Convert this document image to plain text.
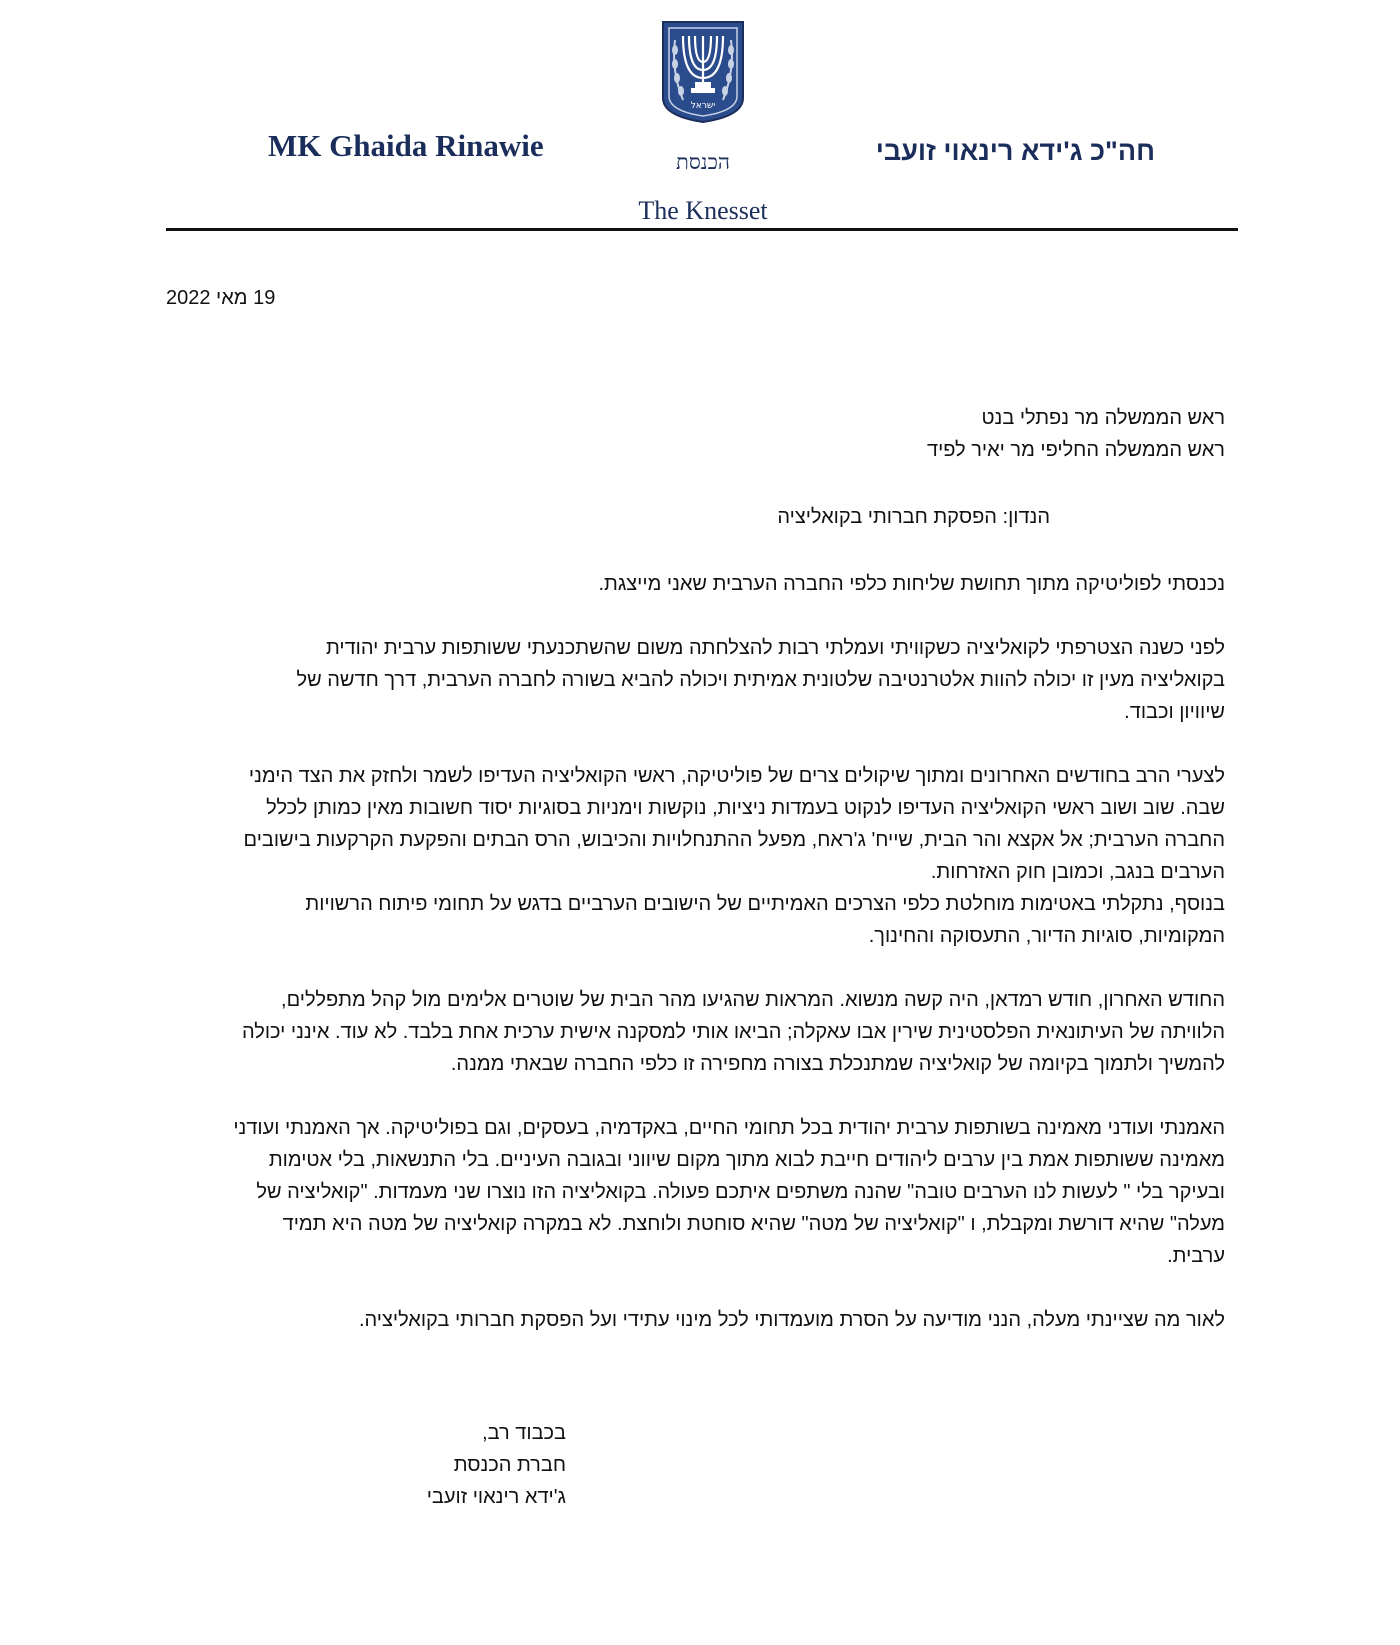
ישראל
MK Ghaida Rinawie	הכנסת
The Knesset
חה"כ ג'ידא רינאוי זועבי
19 מאי 2022
ראש הממשלה מר נפתלי בנט
ראש הממשלה החליפי מר יאיר לפיד
הנדון: הפסקת חברותי בקואליציה

נכנסתי לפוליטיקה מתוך תחושת שליחות כלפי החברה הערבית שאני מייצגת.

לפני כשנה הצטרפתי לקואליציה כשקוויתי ועמלתי רבות להצלחתה משום שהשתכנעתי ששותפות ערבית יהודית
בקואליציה מעין זו יכולה להוות אלטרנטיבה שלטונית אמיתית ויכולה להביא בשורה לחברה הערבית, דרך חדשה של
שיוויון וכבוד.

לצערי הרב בחודשים האחרונים ומתוך שיקולים צרים של פוליטיקה, ראשי הקואליציה העדיפו לשמר ולחזק את הצד הימני
שבה. שוב ושוב ראשי הקואליציה העדיפו לנקוט בעמדות ניציות, נוקשות וימניות בסוגיות יסוד חשובות מאין כמותן לכלל
החברה הערבית; אל אקצא והר הבית, שייח' ג'ראח, מפעל ההתנחלויות והכיבוש, הרס הבתים והפקעת הקרקעות בישובים
הערבים בנגב, וכמובן חוק האזרחות.
בנוסף, נתקלתי באטימות מוחלטת כלפי הצרכים האמיתיים של הישובים הערביים בדגש על תחומי פיתוח הרשויות
המקומיות, סוגיות הדיור, התעסוקה והחינוך.

החודש האחרון, חודש רמדאן, היה קשה מנשוא. המראות שהגיעו מהר הבית של שוטרים אלימים מול קהל מתפללים,
הלוויתה של העיתונאית הפלסטינית שירין אבו עאקלה; הביאו אותי למסקנה אישית ערכית אחת בלבד. לא עוד. אינני יכולה
להמשיך ולתמוך בקיומה של קואליציה שמתנכלת בצורה מחפירה זו כלפי החברה שבאתי ממנה.

האמנתי ועודני מאמינה בשותפות ערבית יהודית בכל תחומי החיים, באקדמיה, בעסקים, וגם בפוליטיקה. אך האמנתי ועודני
מאמינה ששותפות אמת בין ערבים ליהודים חייבת לבוא מתוך מקום שיווני ובגובה העיניים. בלי התנשאות, בלי אטימות
ובעיקר בלי " לעשות לנו הערבים טובה" שהנה משתפים איתכם פעולה. בקואליציה הזו נוצרו שני מעמדות. "קואליציה של
מעלה" שהיא דורשת ומקבלת, ו "קואליציה של מטה" שהיא סוחטת ולוחצת. לא במקרה קואליציה של מטה היא תמיד
ערבית.

לאור מה שציינתי מעלה, הנני מודיעה על הסרת מועמדותי לכל מינוי עתידי ועל הפסקת חברותי בקואליציה.

בכבוד רב,
חברת הכנסת
ג'ידא רינאוי זועבי
